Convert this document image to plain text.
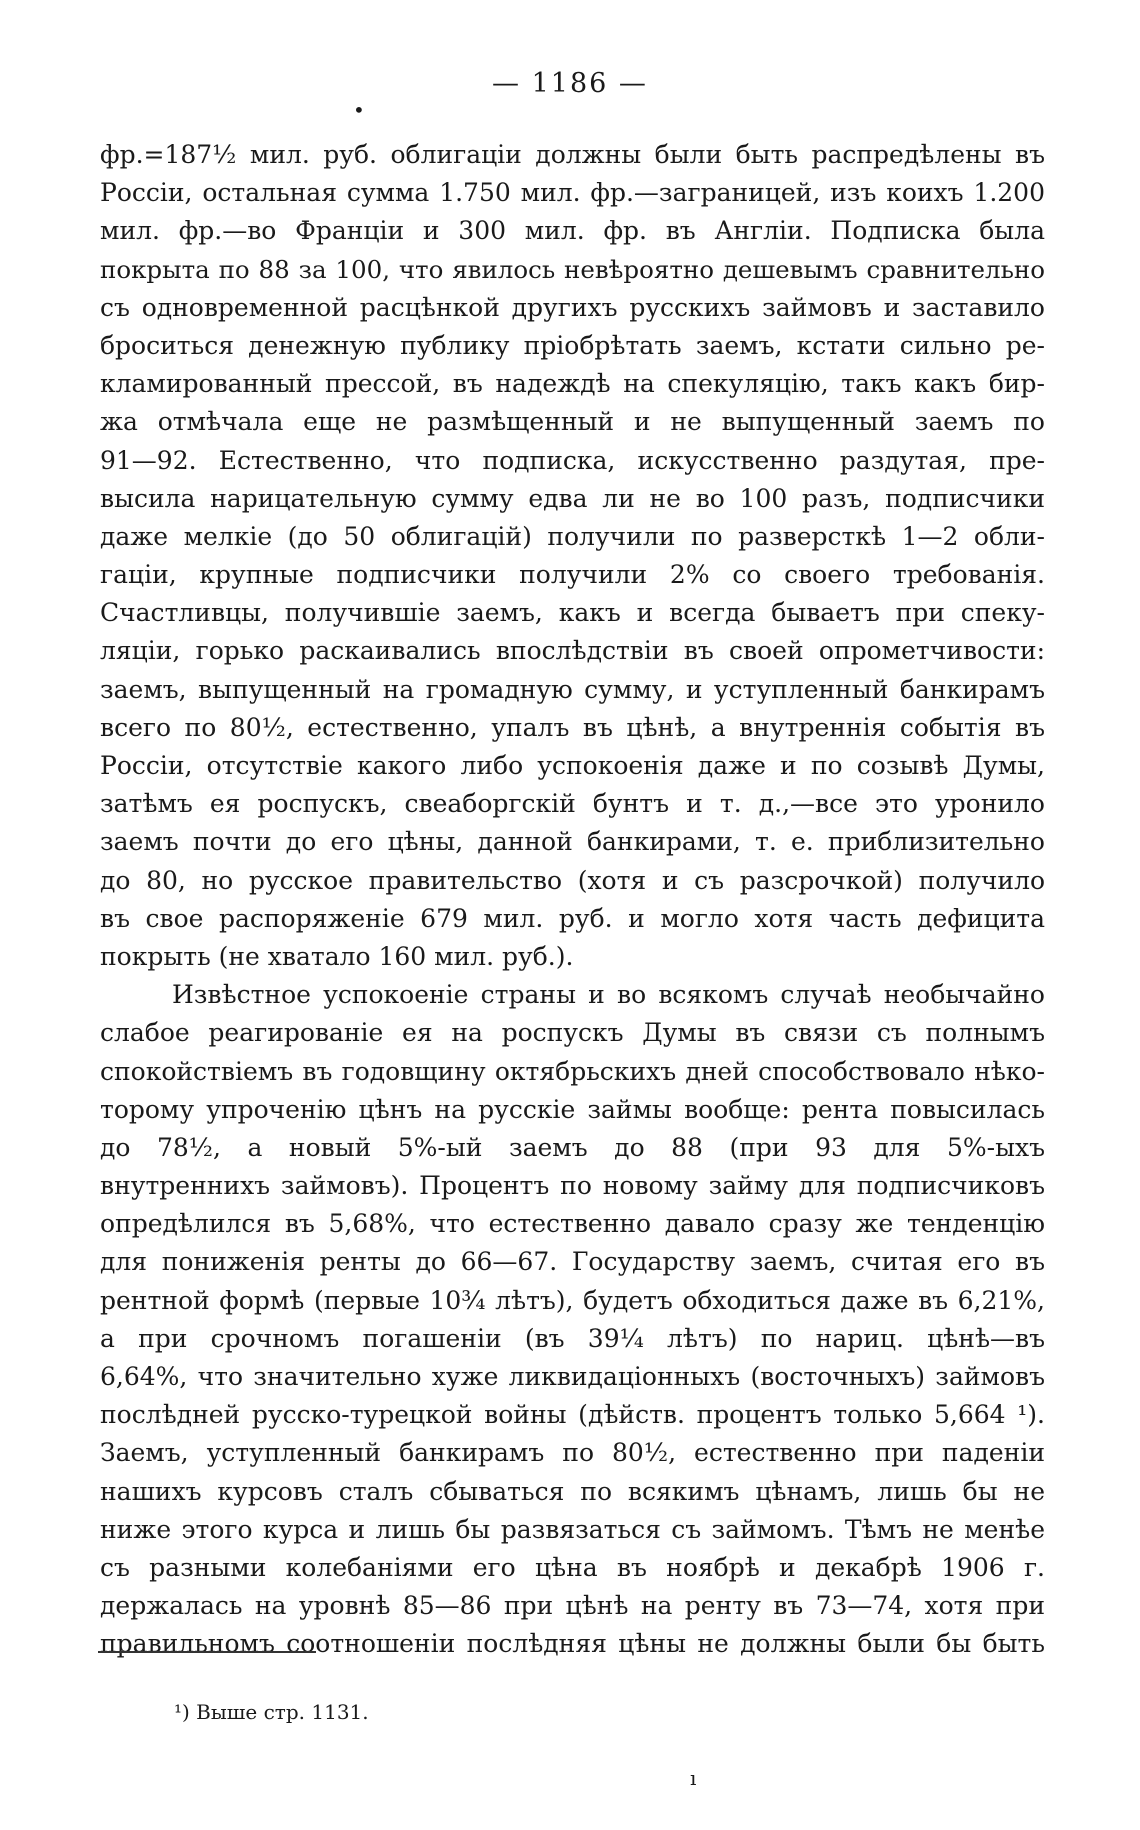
— 1186 —
•
ı
фр.=187½ мил. руб. облигаціи должны были быть распредѣлены въ
Россіи, остальная сумма 1.750 мил. фр.—заграницей, изъ коихъ 1.200
мил. фр.—во Франціи и 300 мил. фр. въ Англіи. Подписка была
покрыта по 88 за 100, что явилось невѣроятно дешевымъ сравнительно
съ одновременной расцѣнкой другихъ русскихъ займовъ и заставило
броситься денежную публику пріобрѣтать заемъ, кстати сильно ре-
кламированный прессой, въ надеждѣ на спекуляцію, такъ какъ бир-
жа отмѣчала еще не размѣщенный и не выпущенный заемъ по
91—92. Естественно, что подписка, искусственно раздутая, пре-
высила нарицательную сумму едва ли не во 100 разъ, подписчики
даже мелкіе (до 50 облигацій) получили по разверсткѣ 1—2 обли-
гаціи, крупные подписчики получили 2% со своего требованія.
Счастливцы, получившіе заемъ, какъ и всегда бываетъ при спеку-
ляціи, горько раскаивались впослѣдствіи въ своей опрометчивости:
заемъ, выпущенный на громадную сумму, и уступленный банкирамъ
всего по 80½, естественно, упалъ въ цѣнѣ, а внутреннія событія въ
Россіи, отсутствіе какого либо успокоенія даже и по созывѣ Думы,
затѣмъ ея роспускъ, свеаборгскій бунтъ и т. д.,—все это уронило
заемъ почти до его цѣны, данной банкирами, т. е. приблизительно
до 80, но русское правительство (хотя и съ разсрочкой) получило
въ свое распоряженіе 679 мил. руб. и могло хотя часть дефицита
покрыть (не хватало 160 мил. руб.).
Извѣстное успокоеніе страны и во всякомъ случаѣ необычайно
слабое реагированіе ея на роспускъ Думы въ связи съ полнымъ
спокойствіемъ въ годовщину октябрьскихъ дней способствовало нѣко-
торому упроченію цѣнъ на русскіе займы вообще: рента повысилась
до 78½, а новый 5%-ый заемъ до 88 (при 93 для 5%-ыхъ
внутреннихъ займовъ). Процентъ по новому займу для подписчиковъ
опредѣлился въ 5,68%, что естественно давало сразу же тенденцію
для пониженія ренты до 66—67. Государству заемъ, считая его въ
рентной формѣ (первые 10¾ лѣтъ), будетъ обходиться даже въ 6,21%,
а при срочномъ погашеніи (въ 39¼ лѣтъ) по нариц. цѣнѣ—въ
6,64%, что значительно хуже ликвидаціонныхъ (восточныхъ) займовъ
послѣдней русско-турецкой войны (дѣйств. процентъ только 5,664 ¹).
Заемъ, уступленный банкирамъ по 80½, естественно при паденіи
нашихъ курсовъ сталъ сбываться по всякимъ цѣнамъ, лишь бы не
ниже этого курса и лишь бы развязаться съ займомъ. Тѣмъ не менѣе
съ разными колебаніями его цѣна въ ноябрѣ и декабрѣ 1906 г.
держалась на уровнѣ 85—86 при цѣнѣ на ренту въ 73—74, хотя при
правильномъ соотношеніи послѣдняя цѣны не должны были бы быть
¹) Выше стр. 1131.
